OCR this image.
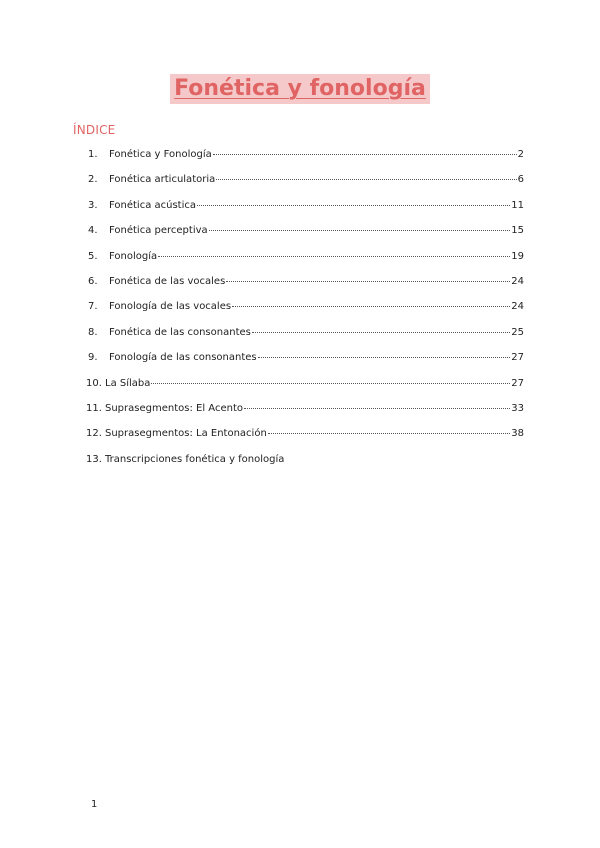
Fonética y fonología
ÍNDICE
1.	Fonética y Fonología	2
2.	Fonética articulatoria	6
3.	Fonética acústica	11
4.	Fonética perceptiva	15
5.	Fonología	19
6.	Fonética de las vocales	24
7.	Fonología de las vocales	24
8.	Fonética de las consonantes	25
9.	Fonología de las consonantes	27
10. La Sílaba	27
11. Suprasegmentos: El Acento	33
12. Suprasegmentos: La Entonación	38
13. Transcripciones fonética y fonología
1
